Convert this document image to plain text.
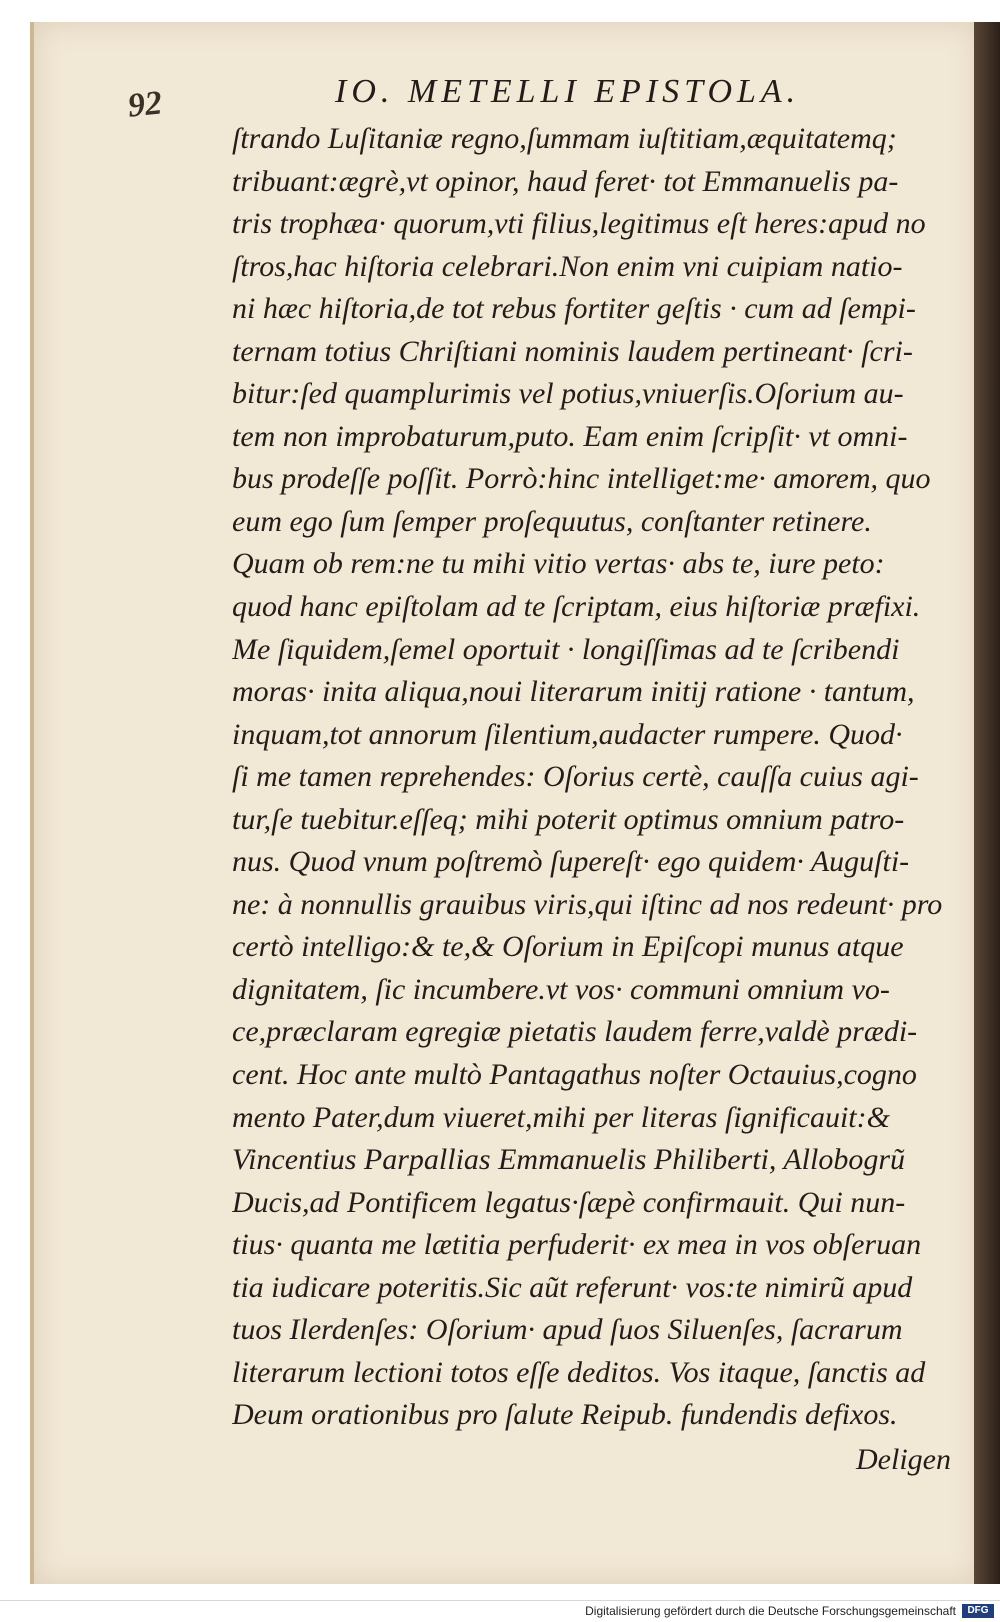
92	IO. METELLI EPISTOLA.
ſtrando Luſitaniæ regno,ſummam iuſtitiam,æquitatemq;
tribuant:ægrè,vt opinor, haud feret· tot Emmanuelis pa-
tris trophæa· quorum,vti filius,legitimus eſt heres:apud no
ſtros,hac hiſtoria celebrari.Non enim vni cuipiam natio-
ni hæc hiſtoria,de tot rebus fortiter geſtis · cum ad ſempi-
ternam totius Chriſtiani nominis laudem pertineant· ſcri-
bitur:ſed quamplurimis vel potius,vniuerſis.Oſorium au-
tem non improbaturum,puto. Eam enim ſcripſit· vt omni-
bus prodeſſe poſſit. Porrò:hinc intelliget:me· amorem, quo
eum ego ſum ſemper proſequutus, conſtanter retinere.
Quam ob rem:ne tu mihi vitio vertas· abs te, iure peto:
quod hanc epiſtolam ad te ſcriptam, eius hiſtoriæ præfixi.
Me ſiquidem,ſemel oportuit · longiſſimas ad te ſcribendi
moras· inita aliqua,noui literarum initij ratione · tantum,
inquam,tot annorum ſilentium,audacter rumpere. Quod·
ſi me tamen reprehendes: Oſorius certè, cauſſa cuius agi-
tur,ſe tuebitur.eſſeq; mihi poterit optimus omnium patro-
nus. Quod vnum poſtremò ſupereſt· ego quidem· Auguſti-
ne: à nonnullis grauibus viris,qui iſtinc ad nos redeunt· pro
certò intelligo:& te,& Oſorium in Epiſcopi munus atque
dignitatem, ſic incumbere.vt vos· communi omnium vo-
ce,præclaram egregiæ pietatis laudem ferre,valdè prædi-
cent. Hoc ante multò Pantagathus noſter Octauius,cogno
mento Pater,dum viueret,mihi per literas ſignificauit:&
Vincentius Parpallias Emmanuelis Philiberti, Allobogrũ
Ducis,ad Pontificem legatus·ſæpè confirmauit. Qui nun-
tius· quanta me lætitia perfuderit· ex mea in vos obſeruan
tia iudicare poteritis.Sic aũt referunt· vos:te nimirũ apud
tuos Ilerdenſes: Oſorium· apud ſuos Siluenſes, ſacrarum
literarum lectioni totos eſſe deditos. Vos itaque, ſanctis ad
Deum orationibus pro ſalute Reipub. fundendis defixos.
Deligen
Digitalisierung gefördert durch die Deutsche Forschungsgemeinschaft	DFG
